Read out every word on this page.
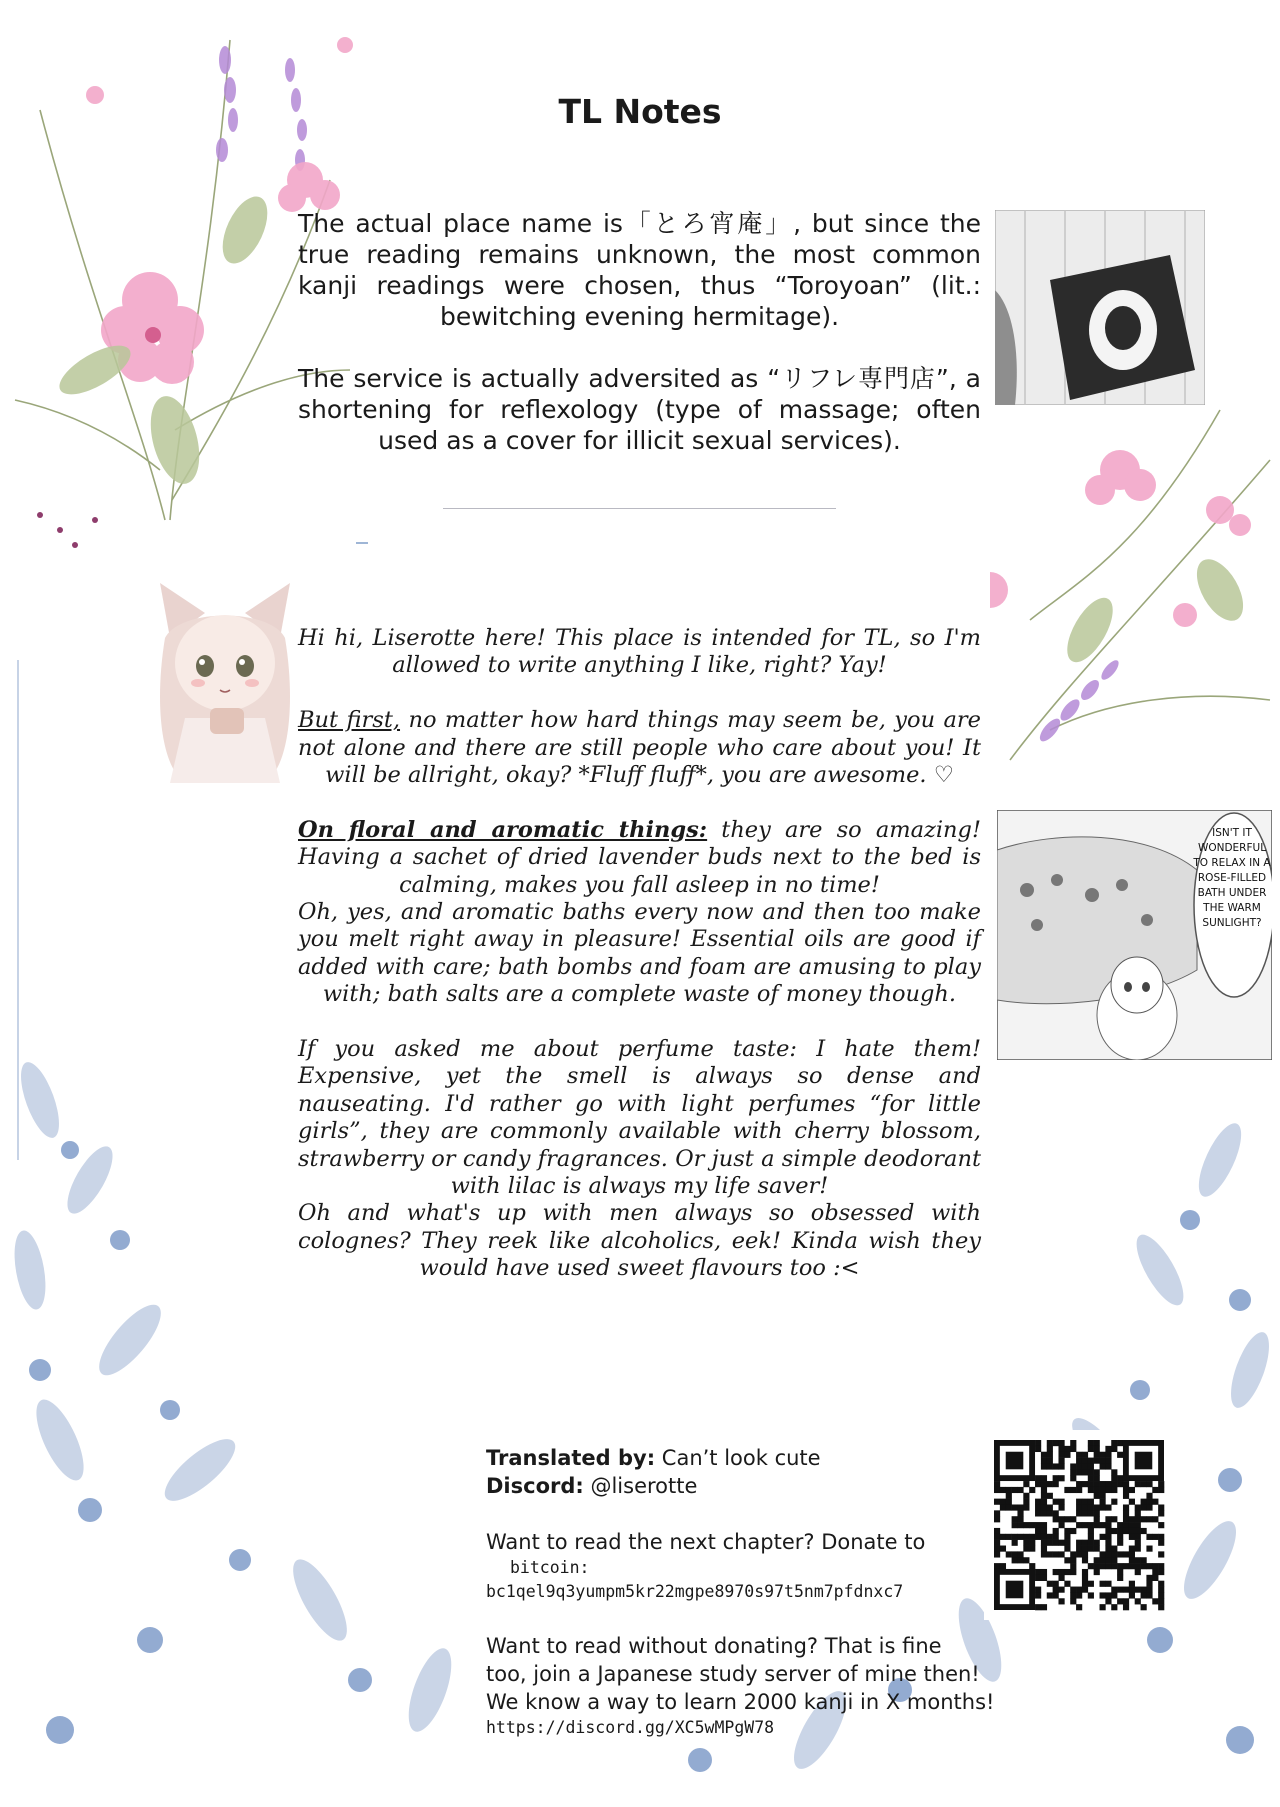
TL Notes

The actual place name is「とろ宵庵」, but since the true reading remains unknown, the most common kanji readings were chosen, thus “Toroyoan” (lit.: bewitching evening hermitage).

The service is actually adversited as “リフレ専門店”, a shortening for reflexology (type of massage; often used as a cover for illicit sexual services).

Hi hi, Liserotte here! This place is intended for TL, so I'm allowed to write anything I like, right? Yay!

But first, no matter how hard things may seem be, you are not alone and there are still people who care about you! It will be allright, okay? *Fluff fluff*, you are awesome. ♡

On floral and aromatic things: they are so amazing! Having a sachet of dried lavender buds next to the bed is calming, makes you fall asleep in no time!

Oh, yes, and aromatic baths every now and then too make you melt right away in pleasure! Essential oils are good if added with care; bath bombs and foam are amusing to play with; bath salts are a complete waste of money though.

If you asked me about perfume taste: I hate them! Expensive, yet the smell is always so dense and nauseating. I'd rather go with light perfumes “for little girls”, they are commonly available with cherry blossom, strawberry or candy fragrances. Or just a simple deodorant with lilac is always my life saver!

Oh and what's up with men always so obsessed with colognes? They reek like alcoholics, eek! Kinda wish they would have used sweet flavours too :<

ISN'T IT WONDERFUL TO RELAX IN A ROSE-FILLED BATH UNDER THE WARM SUNLIGHT?
Translated by: Can’t look cute
Discord: @liserotte
Want to read the next chapter? Donate to
bitcoin:
bc1qel9q3yumpm5kr22mgpe8970s97t5nm7pfdnxc7
Want to read without donating? That is fine
too, join a Japanese study server of mine then!
We know a way to learn 2000 kanji in X months!
https://discord.gg/XC5wMPgW78
